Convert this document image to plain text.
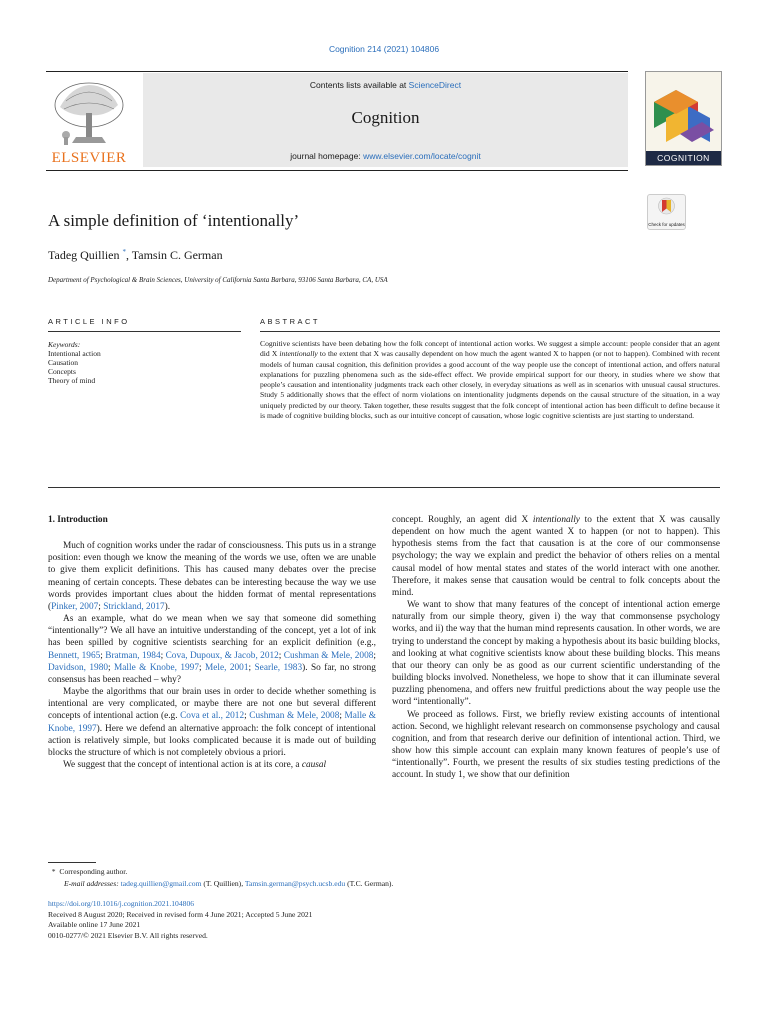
Cognition 214 (2021) 104806
ELSEVIER
Contents lists available at ScienceDirect
Cognition
journal homepage: www.elsevier.com/locate/cognit	COGNITION
Check for updates
A simple definition of ‘intentionally’
Tadeg Quillien *, Tamsin C. German
Department of Psychological & Brain Sciences, University of California Santa Barbara, 93106 Santa Barbara, CA, USA
ARTICLE INFO
Keywords:
Intentional action
Causation
Concepts
Theory of mind
ABSTRACT
Cognitive scientists have been debating how the folk concept of intentional action works. We suggest a simple account: people consider that an agent did X intentionally to the extent that X was causally dependent on how much the agent wanted X to happen (or not to happen). Combined with recent models of human causal cognition, this definition provides a good account of the way people use the concept of intentional action, and offers natural explanations for puzzling phenomena such as the side-effect effect. We provide empirical support for our theory, in studies where we show that people’s causation and intentionality judgments track each other closely, in everyday situations as well as in scenarios with unusual causal structures. Study 5 additionally shows that the effect of norm violations on intentionality judgments depends on the causal structure of the situation, in a way uniquely predicted by our theory. Taken together, these results suggest that the folk concept of intentional action has been difficult to define because it is made of cognitive building blocks, such as our intuitive concept of causation, whose logic cognitive scientists are just starting to understand.
1. Introduction

Much of cognition works under the radar of consciousness. This puts us in a strange position: even though we know the meaning of the words we use, often we are unable to give them explicit definitions. This has caused many debates over the precise meaning of certain concepts. These debates can be interesting because the way we use words provides important clues about the hidden format of mental representations (Pinker, 2007; Strickland, 2017).

As an example, what do we mean when we say that someone did something “intentionally”? We all have an intuitive understanding of the concept, yet a lot of ink has been spilled by cognitive scientists searching for an explicit definition (e.g., Bennett, 1965; Bratman, 1984; Cova, Dupoux, & Jacob, 2012; Cushman & Mele, 2008; Davidson, 1980; Malle & Knobe, 1997; Mele, 2001; Searle, 1983). So far, no strong consensus has been reached – why?

Maybe the algorithms that our brain uses in order to decide whether something is intentional are very complicated, or maybe there are not one but several different concepts of intentional action (e.g. Cova et al., 2012; Cushman & Mele, 2008; Malle & Knobe, 1997). Here we defend an alternative approach: the folk concept of intentional action is relatively simple, but looks complicated because it is made out of building blocks the structure of which is not completely obvious a priori.

We suggest that the concept of intentional action is at its core, a causal

concept. Roughly, an agent did X intentionally to the extent that X was causally dependent on how much the agent wanted X to happen (or not to happen). This hypothesis stems from the fact that causation is at the core of our commonsense psychology; the way we explain and predict the behavior of others relies on a mental causal model of how mental states and states of the world interact with one another. Therefore, it makes sense that causation would be central to folk concepts about the mind.

We want to show that many features of the concept of intentional action emerge naturally from our simple theory, given i) the way that commonsense psychology works, and ii) the way that the human mind represents causation. In other words, we are trying to understand the concept by making a hypothesis about its basic building blocks, and looking at what cognitive scientists know about these building blocks. This means that our theory can only be as good as our current scientific understanding of the building blocks involved. Nonetheless, we hope to show that it can illuminate several puzzling phenomena, and offers new fruitful predictions about the way people use the word “intentionally”.

We proceed as follows. First, we briefly review existing accounts of intentional action. Second, we highlight relevant research on commonsense psychology and causal cognition, and from that research derive our definition of intentional action. Third, we show how this simple account can explain many known features of people’s use of “intentionally”. Fourth, we present the results of six studies testing predictions of the account. In study 1, we show that our definition

* Corresponding author.
E-mail addresses: tadeg.quillien@gmail.com (T. Quillien), Tamsin.german@psych.ucsb.edu (T.C. German).
https://doi.org/10.1016/j.cognition.2021.104806
Received 8 August 2020; Received in revised form 4 June 2021; Accepted 5 June 2021
Available online 17 June 2021
0010-0277/© 2021 Elsevier B.V. All rights reserved.
